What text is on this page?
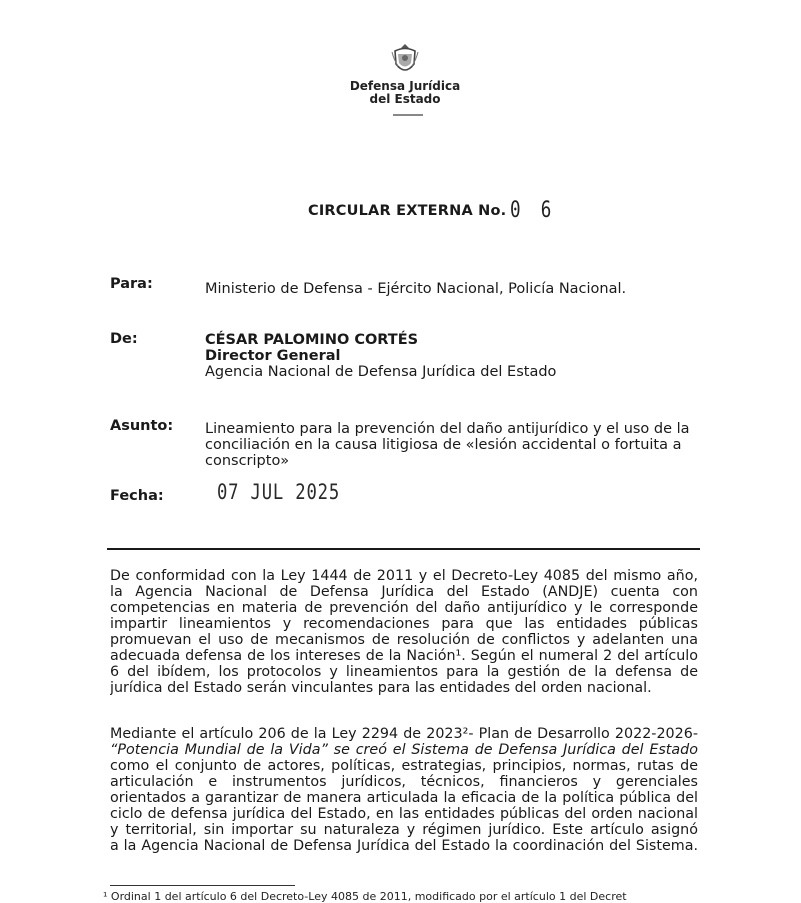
Defensa Jurídica
del Estado
CIRCULAR EXTERNA No. 0 6
Para:	Ministerio de Defensa - Ejército Nacional, Policía Nacional.
De:	CÉSAR PALOMINO CORTÉS
Director General
Agencia Nacional de Defensa Jurídica del Estado
Asunto: Lineamiento para la prevención del daño antijurídico y el uso de la
conciliación en la causa litigiosa de «lesión accidental o fortuita a
conscripto»
Fecha:	07 JUL 2025
De conformidad con la Ley 1444 de 2011 y el Decreto-Ley 4085 del mismo año,
la Agencia Nacional de Defensa Jurídica del Estado (ANDJE) cuenta con
competencias en materia de prevención del daño antijurídico y le corresponde
impartir lineamientos y recomendaciones para que las entidades públicas
promuevan el uso de mecanismos de resolución de conflictos y adelanten una
adecuada defensa de los intereses de la Nación¹. Según el numeral 2 del artículo
6 del ibídem, los protocolos y lineamientos para la gestión de la defensa de
jurídica del Estado serán vinculantes para las entidades del orden nacional.
Mediante el artículo 206 de la Ley 2294 de 2023²- Plan de Desarrollo 2022-2026-
“Potencia Mundial de la Vida” se creó el Sistema de Defensa Jurídica del Estado
como el conjunto de actores, políticas, estrategias, principios, normas, rutas de
articulación e instrumentos jurídicos, técnicos, financieros y gerenciales
orientados a garantizar de manera articulada la eficacia de la política pública del
ciclo de defensa jurídica del Estado, en las entidades públicas del orden nacional
y territorial, sin importar su naturaleza y régimen jurídico. Este artículo asignó
a la Agencia Nacional de Defensa Jurídica del Estado la coordinación del Sistema.
¹ Ordinal 1 del artículo 6 del Decreto-Ley 4085 de 2011, modificado por el artículo 1 del Decret
